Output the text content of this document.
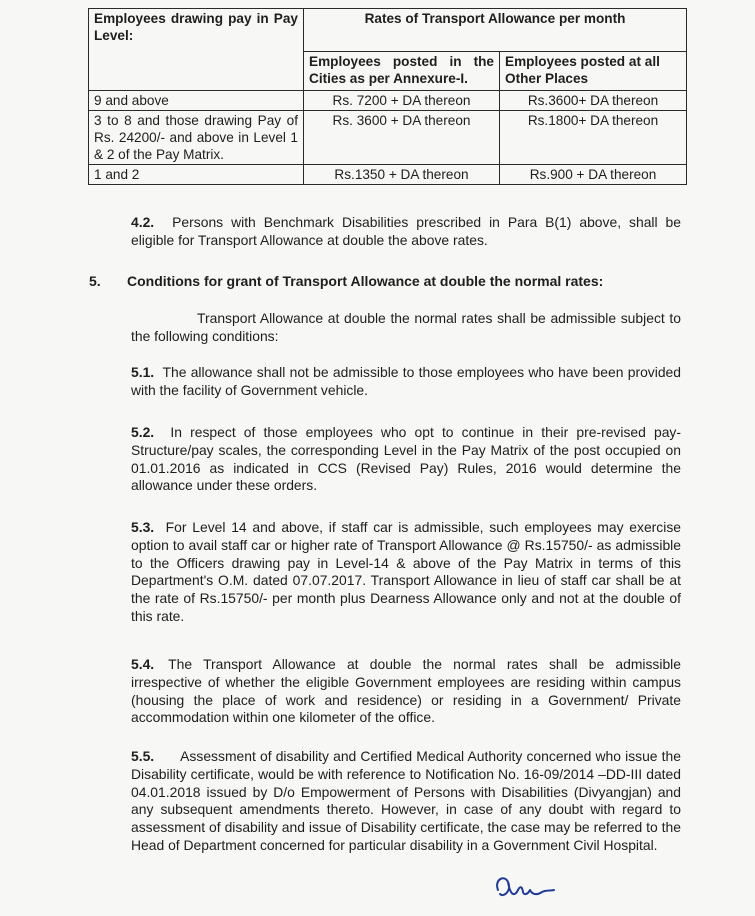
Employees drawing pay in Pay Level:	Rates of Transport Allowance per month	
	Employees posted in the Cities as per Annexure-I.	Employees posted at all Other Places
9 and above	Rs. 7200 + DA thereon	Rs.3600+ DA thereon
3 to 8 and those drawing Pay of Rs. 24200/- and above in Level 1 & 2 of the Pay Matrix.	Rs. 3600 + DA thereon	Rs.1800+ DA thereon
1 and 2	Rs.1350 + DA thereon	Rs.900 + DA thereon
4.2. Persons with Benchmark Disabilities prescribed in Para B(1) above, shall be eligible for Transport Allowance at double the above rates.
5. Conditions for grant of Transport Allowance at double the normal rates:
Transport Allowance at double the normal rates shall be admissible subject to the following conditions:
5.1. The allowance shall not be admissible to those employees who have been provided with the facility of Government vehicle.
5.2. In respect of those employees who opt to continue in their pre-revised pay-Structure/pay scales, the corresponding Level in the Pay Matrix of the post occupied on 01.01.2016 as indicated in CCS (Revised Pay) Rules, 2016 would determine the allowance under these orders.
5.3. For Level 14 and above, if staff car is admissible, such employees may exercise option to avail staff car or higher rate of Transport Allowance @ Rs.15750/- as admissible to the Officers drawing pay in Level-14 & above of the Pay Matrix in terms of this Department's O.M. dated 07.07.2017. Transport Allowance in lieu of staff car shall be at the rate of Rs.15750/- per month plus Dearness Allowance only and not at the double of this rate.
5.4. The Transport Allowance at double the normal rates shall be admissible irrespective of whether the eligible Government employees are residing within campus (housing the place of work and residence) or residing in a Government/ Private accommodation within one kilometer of the office.
5.5. Assessment of disability and Certified Medical Authority concerned who issue the Disability certificate, would be with reference to Notification No. 16-09/2014 –DD-III dated 04.01.2018 issued by D/o Empowerment of Persons with Disabilities (Divyangjan) and any subsequent amendments thereto. However, in case of any doubt with regard to assessment of disability and issue of Disability certificate, the case may be referred to the Head of Department concerned for particular disability in a Government Civil Hospital.
